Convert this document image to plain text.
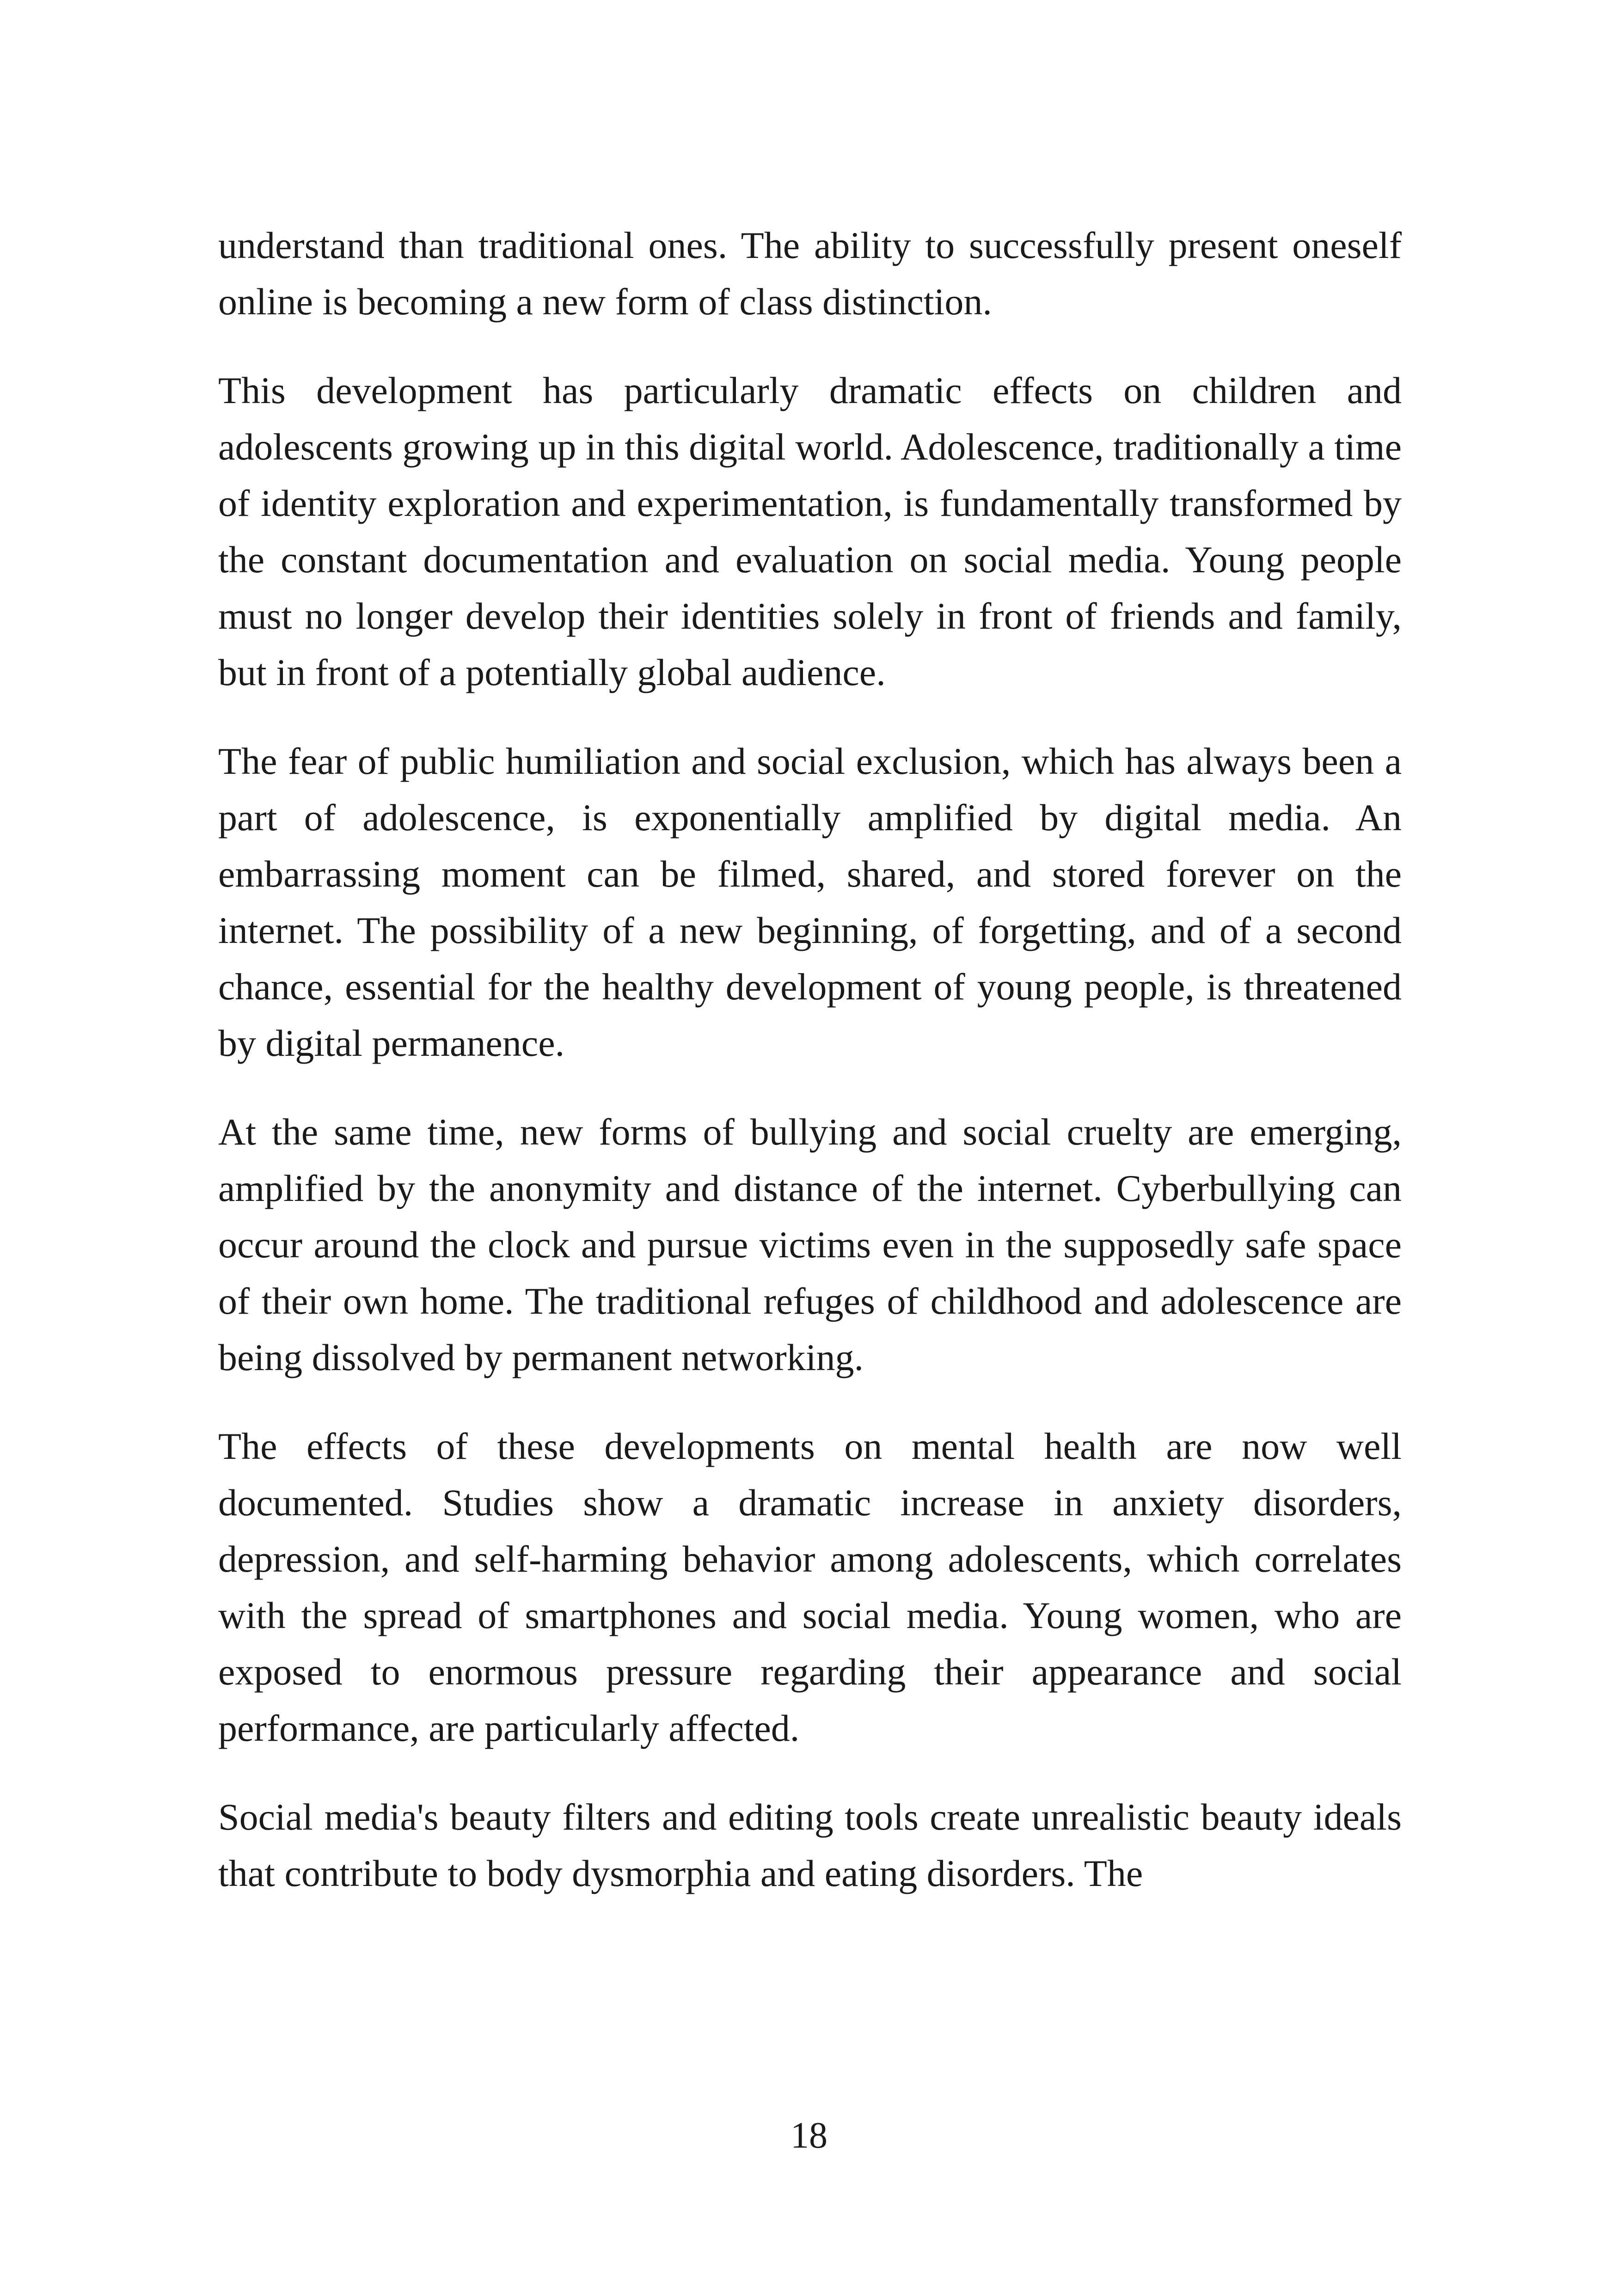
understand than traditional ones. The ability to successfully present oneself online is becoming a new form of class distinction.

This development has particularly dramatic effects on children and adolescents growing up in this digital world. Adolescence, traditionally a time of identity exploration and experimentation, is fundamentally transformed by the constant documentation and evaluation on social media. Young people must no longer develop their identities solely in front of friends and family, but in front of a potentially global audience.

The fear of public humiliation and social exclusion, which has always been a part of adolescence, is exponentially amplified by digital media. An embarrassing moment can be filmed, shared, and stored forever on the internet. The possibility of a new beginning, of forgetting, and of a second chance, essential for the healthy development of young people, is threatened by digital permanence.

At the same time, new forms of bullying and social cruelty are emerging, amplified by the anonymity and distance of the internet. Cyberbullying can occur around the clock and pursue victims even in the supposedly safe space of their own home. The traditional refuges of childhood and adolescence are being dissolved by permanent networking.

The effects of these developments on mental health are now well documented. Studies show a dramatic increase in anxiety disorders, depression, and self-harming behavior among adolescents, which correlates with the spread of smartphones and social media. Young women, who are exposed to enormous pressure regarding their appearance and social performance, are particularly affected.

Social media's beauty filters and editing tools create unrealistic beauty ideals that contribute to body dysmorphia and eating disorders. The

18
